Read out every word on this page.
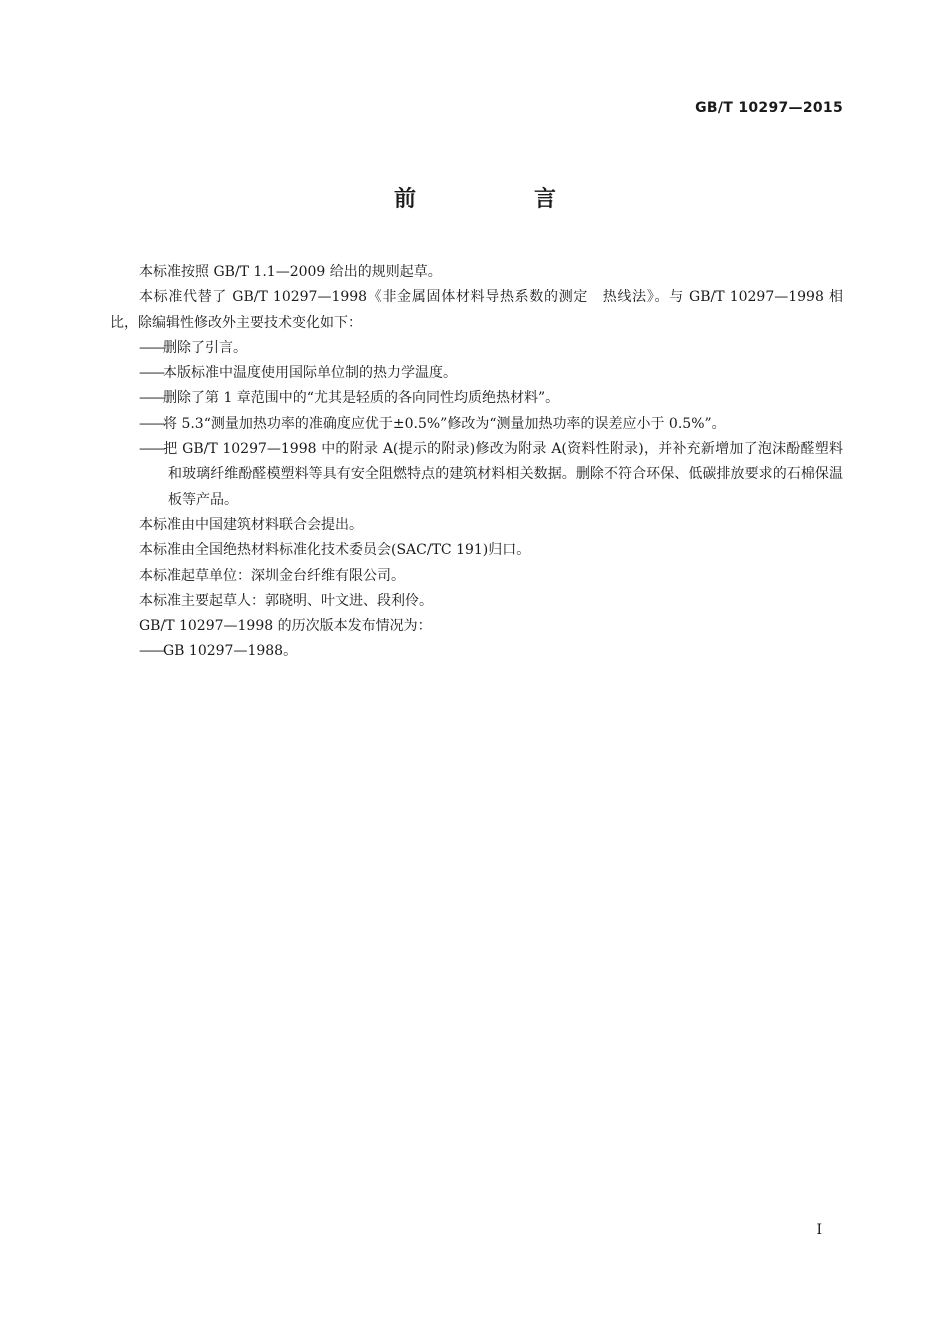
GB/T 10297—2015
前　言

本标准按照 GB/T 1.1—2009 给出的规则起草。

本标准代替了 GB/T 10297—1998《非金属固体材料导热系数的测定　热线法》。与 GB/T 10297—1998 相比，除编辑性修改外主要技术变化如下：

——删除了引言。

——本版标准中温度使用国际单位制的热力学温度。

——删除了第 1 章范围中的“尤其是轻质的各向同性均质绝热材料”。

——将 5.3“测量加热功率的准确度应优于±0.5%”修改为“测量加热功率的误差应小于 0.5%”。

——把 GB/T 10297—1998 中的附录 A(提示的附录)修改为附录 A(资料性附录)，并补充新增加了泡沫酚醛塑料和玻璃纤维酚醛模塑料等具有安全阻燃特点的建筑材料相关数据。删除不符合环保、低碳排放要求的石棉保温板等产品。

本标准由中国建筑材料联合会提出。

本标准由全国绝热材料标准化技术委员会(SAC/TC 191)归口。

本标准起草单位：深圳金台纤维有限公司。

本标准主要起草人：郭晓明、叶文进、段利伶。

GB/T 10297—1998 的历次版本发布情况为：

——GB 10297—1988。

I
